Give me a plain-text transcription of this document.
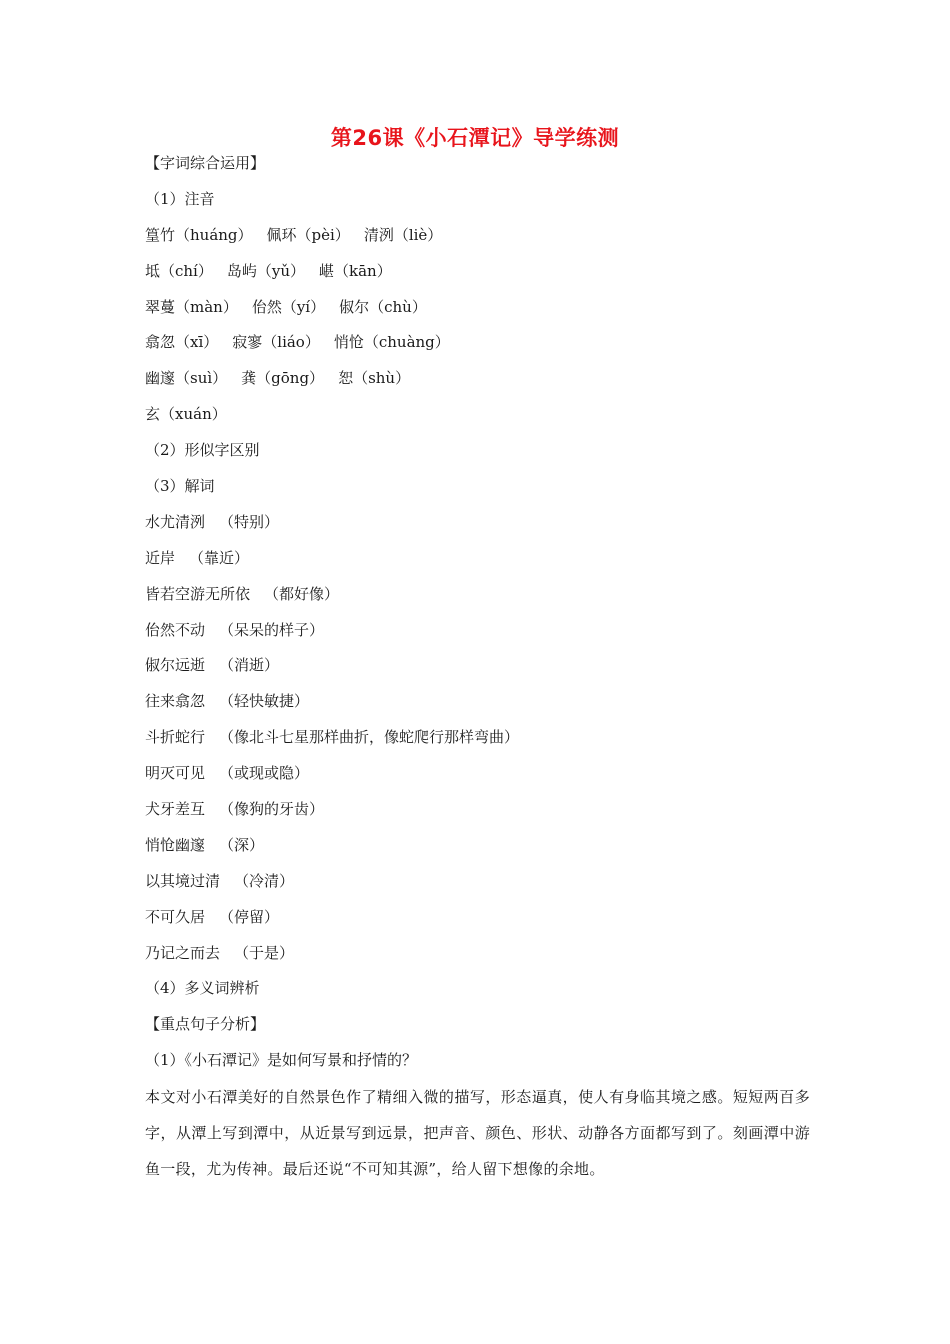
第26课《小石潭记》导学练测
【字词综合运用】
（1）注音
篁竹（huáng） 佩环（pèi） 清洌（liè）
坻（chí） 岛屿（yǔ） 嵁（kān）
翠蔓（màn） 佁然（yí） 俶尔（chù）
翕忽（xī） 寂寥（liáo） 悄怆（chuàng）
幽邃（suì） 龚（gōng） 恕（shù）
玄（xuán）
（2）形似字区别
（3）解词
水尤清洌 （特别）
近岸 （靠近）
皆若空游无所依 （都好像）
佁然不动 （呆呆的样子）
俶尔远逝 （消逝）
往来翕忽 （轻快敏捷）
斗折蛇行 （像北斗七星那样曲折，像蛇爬行那样弯曲）
明灭可见 （或现或隐）
犬牙差互 （像狗的牙齿）
悄怆幽邃 （深）
以其境过清 （冷清）
不可久居 （停留）
乃记之而去 （于是）
（4）多义词辨析
【重点句子分析】
（1）《小石潭记》是如何写景和抒情的？
本文对小石潭美好的自然景色作了精细入微的描写，形态逼真，使人有身临其境之感。短短两百多字，从潭上写到潭中，从近景写到远景，把声音、颜色、形状、动静各方面都写到了。刻画潭中游鱼一段，尤为传神。最后还说“不可知其源”，给人留下想像的余地。
